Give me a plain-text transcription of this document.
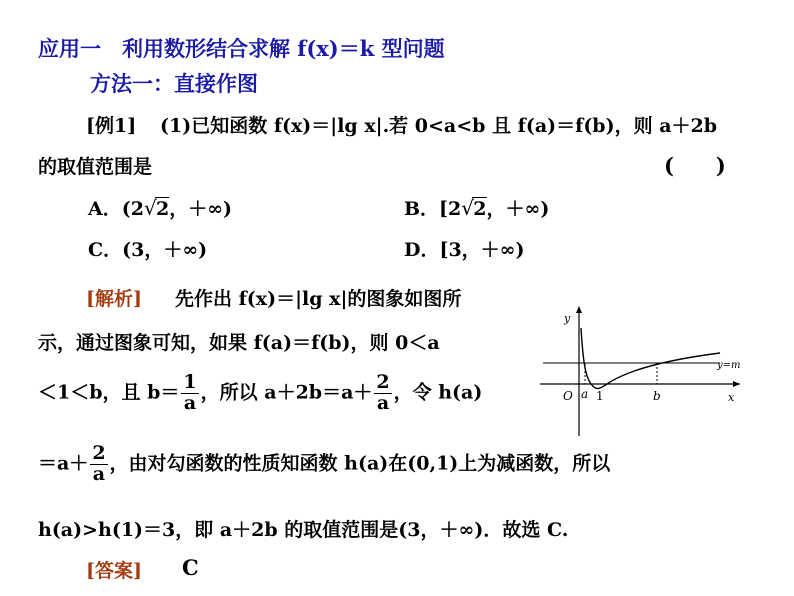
应用一　利用数形结合求解 f(x)＝k 型问题
方法一：直接作图
[例1] (1)已知函数 f(x)＝|lg x|.若 0<a<b 且 f(a)＝f(b)，则 a＋2b
的取值范围是	(　　)
A．(2 √ 2，＋∞)	B．[2 √ 2，＋∞)
C．(3，＋∞)	D．[3，＋∞)
[解析] 先作出 f(x)＝|lg x|的图象如图所
示，通过图象可知，如果 f(a)＝f(b)，则 0＜a
＜1＜b，且 $b= \frac{1}{a}$ ，所以 $a+2b=a+ \frac{2}{a}$ ，令 h(a)
$=a+ \frac{2}{a}$ ，由对勾函数的性质知函数 h(a)在(0,1)上为减函数，所以
h(a)>h(1)＝3，即 a＋2b 的取值范围是(3，＋∞)．故选 C.
[答案] C
y
x
O a 1	b
y=m
